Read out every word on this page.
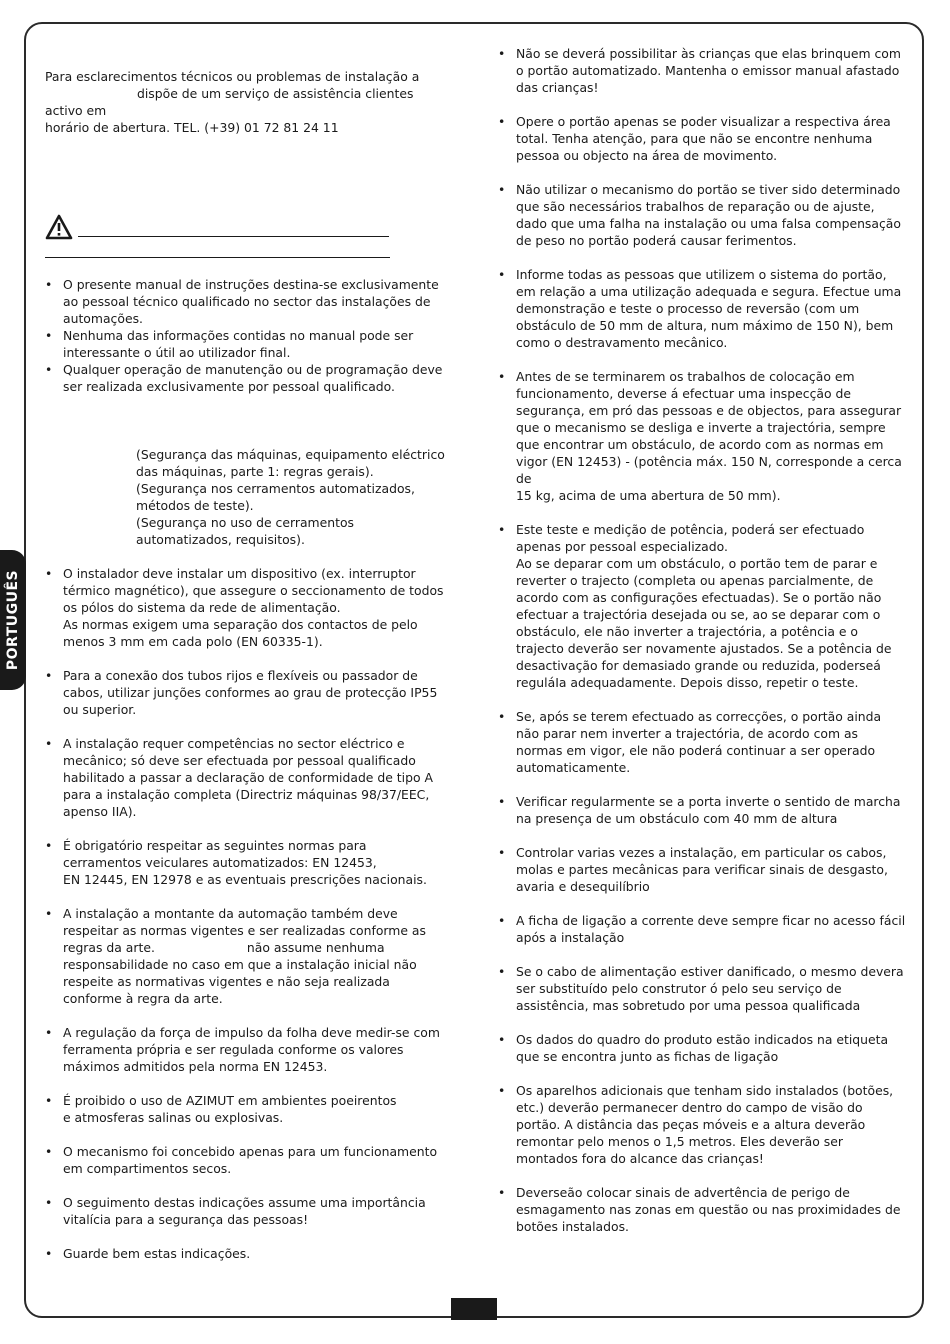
PORTUGUÊS
Para esclarecimentos técnicos ou problemas de instalação a
dispõe de um serviço de assistência clientes activo em
horário de abertura. TEL. (+39) 01 72 81 24 11
• O presente manual de instruções destina-se exclusivamente ao pessoal técnico qualificado no sector das instalações de automações.
• Nenhuma das informações contidas no manual pode ser interessante o útil ao utilizador final.
• Qualquer operação de manutenção ou de programação deve ser realizada exclusivamente por pessoal qualificado.
(Segurança das máquinas, equipamento eléctrico das máquinas, parte 1: regras gerais).
(Segurança nos cerramentos automatizados, métodos de teste).
(Segurança no uso de cerramentos automatizados, requisitos).
• O instalador deve instalar um dispositivo (ex. interruptor térmico magnético), que assegure o seccionamento de todos os pólos do sistema da rede de alimentação.
As normas exigem uma separação dos contactos de pelo menos 3 mm em cada polo (EN 60335-1).
• Para a conexão dos tubos rijos e flexíveis ou passador de cabos, utilizar junções conformes ao grau de protecção IP55 ou superior.
• A instalação requer competências no sector eléctrico e mecânico; só deve ser efectuada por pessoal qualificado habilitado a passar a declaração de conformidade de tipo A para a instalação completa (Directriz máquinas 98/37/EEC, apenso IIA).
• É obrigatório respeitar as seguintes normas para cerramentos veiculares automatizados: EN 12453,
EN 12445, EN 12978 e as eventuais prescrições nacionais.
• A instalação a montante da automação também deve respeitar as normas vigentes e ser realizadas conforme as regras da arte.	não assume nenhuma responsabilidade no caso em que a instalação inicial não respeite as normativas vigentes e não seja realizada conforme à regra da arte.
• A regulação da força de impulso da folha deve medir-se com ferramenta própria e ser regulada conforme os valores máximos admitidos pela norma EN 12453.
• É proibido o uso de AZIMUT em ambientes poeirentos
e atmosferas salinas ou explosivas.
• O mecanismo foi concebido apenas para um funcionamento em compartimentos secos.
• O seguimento destas indicações assume uma importância vitalícia para a segurança das pessoas!
• Guarde bem estas indicações.
• Não se deverá possibilitar às crianças que elas brinquem com o portão automatizado. Mantenha o emissor manual afastado das crianças!
• Opere o portão apenas se poder visualizar a respectiva área total. Tenha atenção, para que não se encontre nenhuma pessoa ou objecto na área de movimento.
• Não utilizar o mecanismo do portão se tiver sido determinado que são necessários trabalhos de reparação ou de ajuste, dado que uma falha na instalação ou uma falsa compensação de peso no portão poderá causar ferimentos.
• Informe todas as pessoas que utilizem o sistema do portão, em relação a uma utilização adequada e segura. Efectue uma demonstração e teste o processo de reversão (com um obstáculo de 50 mm de altura, num máximo de 150 N), bem como o destravamento mecânico.
• Antes de se terminarem os trabalhos de colocação em funcionamento, deverse á efectuar uma inspecção de segurança, em pró das pessoas e de objectos, para assegurar que o mecanismo se desliga e inverte a trajectória, sempre que encontrar um obstáculo, de acordo com as normas em vigor (EN 12453) - (potência máx. 150 N, corresponde a cerca de
15 kg, acima de uma abertura de 50 mm).
• Este teste e medição de potência, poderá ser efectuado apenas por pessoal especializado.
Ao se deparar com um obstáculo, o portão tem de parar e reverter o trajecto (completa ou apenas parcialmente, de acordo com as configurações efectuadas). Se o portão não efectuar a trajectória desejada ou se, ao se deparar com o obstáculo, ele não inverter a trajectória, a potência e o trajecto deverão ser novamente ajustados. Se a potência de desactivação for demasiado grande ou reduzida, poderseá reguláIa adequadamente. Depois disso, repetir o teste.
• Se, após se terem efectuado as correcções, o portão ainda não parar nem inverter a trajectória, de acordo com as normas em vigor, ele não poderá continuar a ser operado automaticamente.
• Verificar regularmente se a porta inverte o sentido de marcha na presença de um obstáculo com 40 mm de altura
• Controlar varias vezes a instalação, em particular os cabos, molas e partes mecânicas para verificar sinais de desgasto, avaria e desequilíbrio
• A ficha de ligação a corrente deve sempre ficar no acesso fácil após a instalação
• Se o cabo de alimentação estiver danificado, o mesmo devera ser substituído pelo construtor ó pelo seu serviço de assistência, mas sobretudo por uma pessoa qualificada
• Os dados do quadro do produto estão indicados na etiqueta que se encontra junto as fichas de ligação
• Os aparelhos adicionais que tenham sido instalados (botões, etc.) deverão permanecer dentro do campo de visão do portão. A distância das peças móveis e a altura deverão remontar pelo menos o 1,5 metros. Eles deverão ser montados fora do alcance das crianças!
• Deverseão colocar sinais de advertência de perigo de esmagamento nas zonas em questão ou nas proximidades de botões instalados.
